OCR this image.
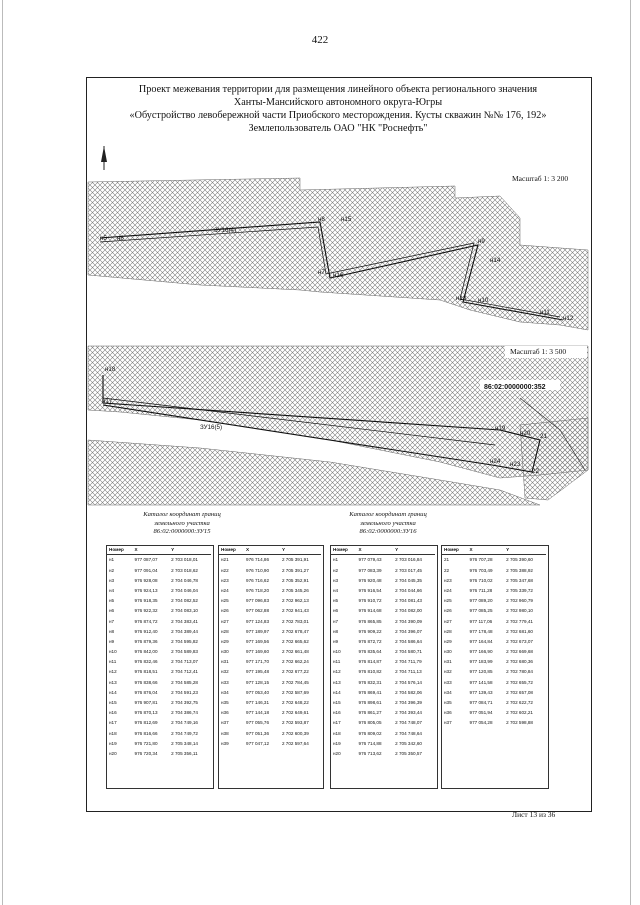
422
Проект межевания территории для размещения линейного объекта регионального значения
Ханты-Мансийского автономного округа-Югры
«Обустройство левобережной части Приобского месторождения. Кусты скважин №№ 176, 192»
Землепользователь ОАО "НК "Роснефть"
н5 н6
н8	н15
н7 н16
н9
н14
н13 н10
н11
н12
н18
н17
н19
н20 21
н24 н23
22
ЗУ16(4)
ЗУ16(5)
86:02:0000000:352
Масштаб 1: 3 200
Масштаб 1: 3 500
Каталог координат границ
земельного участка
86:02:0000000:ЗУ15
Каталог координат границ
земельного участка
86:02:0000000:ЗУ16
Номер	X	Y
н1	977 087,07	2 703 018,01
н2	977 091,04	2 703 018,62
н3	976 928,08	2 704 046,78
н4	976 924,13	2 704 046,04
н5	976 918,35	2 704 082,52
н6	976 922,32	2 704 083,10
н7	976 874,72	2 704 383,41
н8	976 912,40	2 704 389,44
н9	976 879,36	2 704 595,82
н10	976 842,00	2 704 589,83
н11	976 832,46	2 704 713,07
н12	976 818,51	2 704 712,41
н13	976 838,66	2 704 585,28
н14	976 876,04	2 704 591,23
н15	976 907,81	2 704 392,75
н16	976 870,13	2 704 386,74
н17	976 812,69	2 704 749,16
н18	976 816,66	2 704 749,72
н19	976 721,80	2 705 348,14
н20	976 720,34	2 705 356,11
Номер	X	Y
н21	976 714,86	2 705 391,91
н22	976 710,90	2 705 391,27
н23	976 716,62	2 705 352,91
н24	976 718,20	2 705 345,26
н25	977 096,83	2 702 962,13
н26	977 062,88	2 702 941,43
н27	977 124,83	2 702 783,01
н28	977 189,97	2 702 678,47
н29	977 169,56	2 702 665,62
н30	977 169,60	2 702 661,48
н31	977 171,70	2 702 662,24
н32	977 195,48	2 702 677,22
н33	977 128,15	2 702 784,45
н34	977 053,40	2 702 587,69
н35	977 146,31	2 702 648,22
н36	977 144,18	2 702 649,61
н37	977 055,76	2 702 593,87
н38	977 051,36	2 702 600,39
н39	977 047,12	2 702 597,64
Номер	X	Y
н1	977 079,43	2 703 016,84
н2	977 083,39	2 703 017,45
н3	976 920,48	2 704 045,35
н4	976 916,54	2 704 044,66
н5	976 910,72	2 704 081,43
н6	976 914,68	2 704 082,00
н7	976 865,85	2 704 390,09
н8	976 909,22	2 704 396,07
н9	976 872,72	2 704 586,64
н10	976 835,64	2 704 580,71
н11	976 814,87	2 704 711,79
н12	976 810,82	2 704 711,13
н13	976 832,31	2 704 576,14
н14	976 869,41	2 704 582,06
н15	976 898,61	2 704 396,39
н16	976 861,27	2 704 393,44
н17	976 805,05	2 704 748,07
н18	976 809,02	2 704 748,64
н19	976 714,88	2 705 342,60
н20	976 713,62	2 705 350,57
Номер	X	Y
21	976 707,28	2 705 390,60
22	976 703,49	2 705 388,92
н23	976 710,02	2 705 347,68
н24	976 711,28	2 705 339,72
н25	977 089,20	2 702 960,79
н26	977 085,25	2 702 980,10
н27	977 117,06	2 702 779,41
н28	977 178,48	2 702 681,60
н29	977 164,84	2 702 673,07
н30	977 166,90	2 702 669,68
н31	977 183,99	2 702 680,36
н32	977 120,85	2 702 780,84
н33	977 141,58	2 702 655,72
н34	977 139,43	2 702 657,08
н35	977 084,71	2 702 622,72
н36	977 051,94	2 702 602,21
н37	977 054,28	2 702 598,88
Лист 13 из 36
